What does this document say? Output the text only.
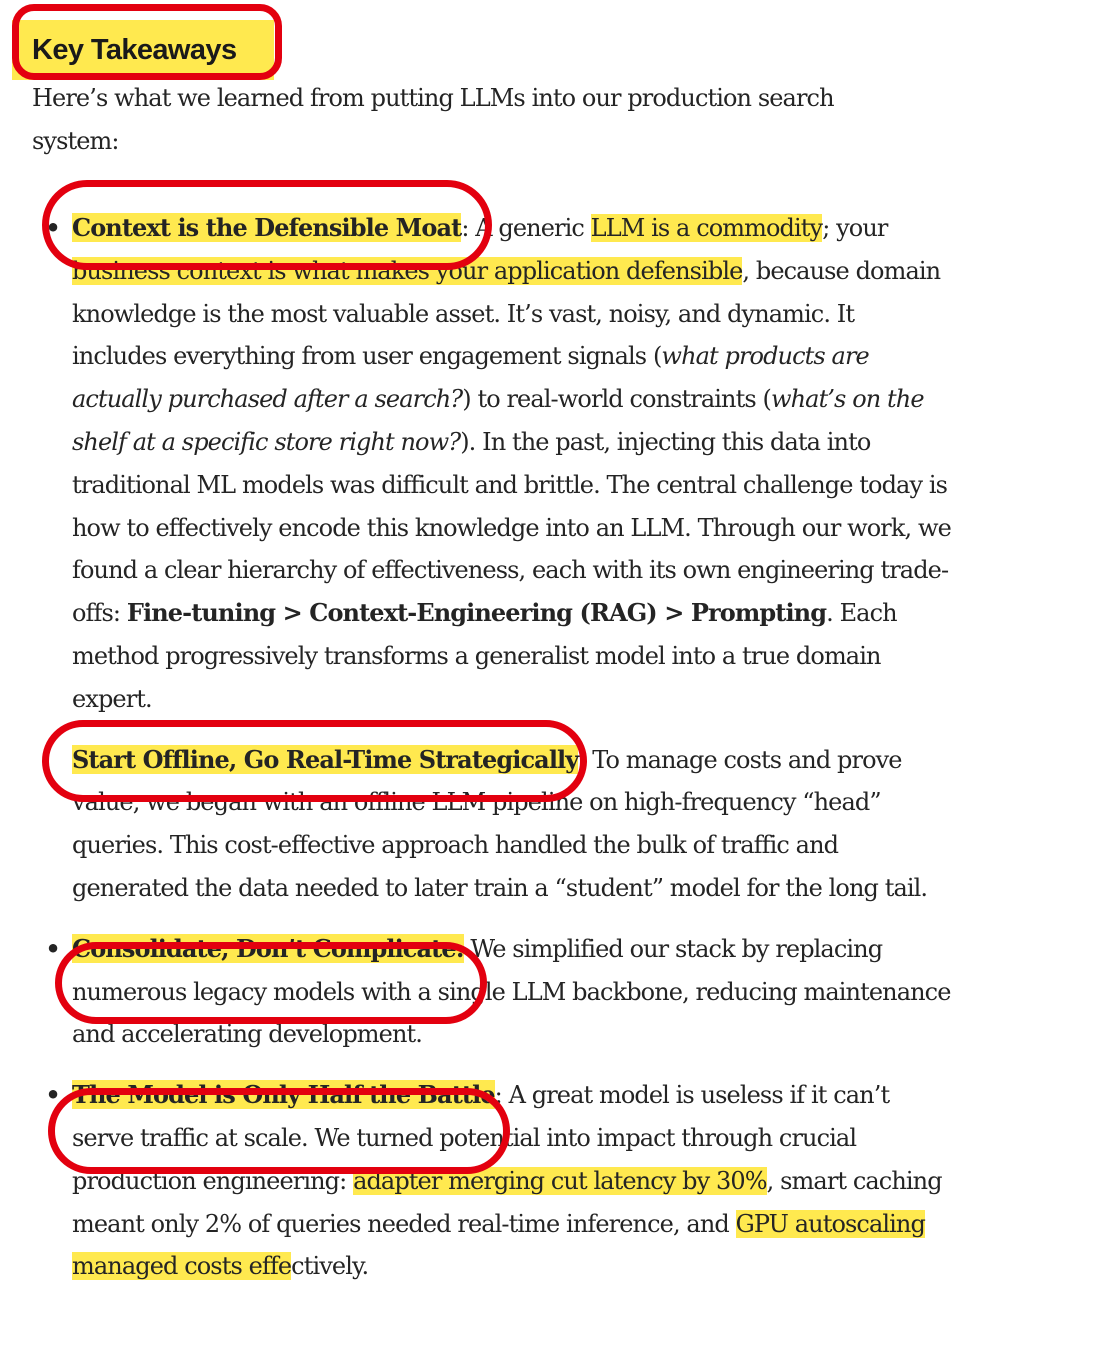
Key Takeaways

Here’s what we learned from putting LLMs into our production search system:

• Context is the Defensible Moat: A generic LLM is a commodity; your business context is what makes your application defensible, because domain knowledge is the most valuable asset. It’s vast, noisy, and dynamic. It includes everything from user engagement signals (what products are actually purchased after a search?) to real-world constraints (what’s on the shelf at a specific store right now?). In the past, injecting this data into traditional ML models was difficult and brittle. The central challenge today is how to effectively encode this knowledge into an LLM. Through our work, we found a clear hierarchy of effectiveness, each with its own engineering trade-offs: Fine-tuning > Context-Engineering (RAG) > Prompting. Each method progressively transforms a generalist model into a true domain expert.
Start Offline, Go Real-Time Strategically: To manage costs and prove value, we began with an offline LLM pipeline on high-frequency “head” queries. This cost-effective approach handled the bulk of traffic and generated the data needed to later train a “student” model for the long tail.
• Consolidate, Don’t Complicate: We simplified our stack by replacing numerous legacy models with a single LLM backbone, reducing maintenance and accelerating development.
• The Model is Only Half the Battle: A great model is useless if it can’t serve traffic at scale. We turned potential into impact through crucial production engineering: adapter merging cut latency by 30%, smart caching meant only 2% of queries needed real-time inference, and GPU autoscaling managed costs effectively.
